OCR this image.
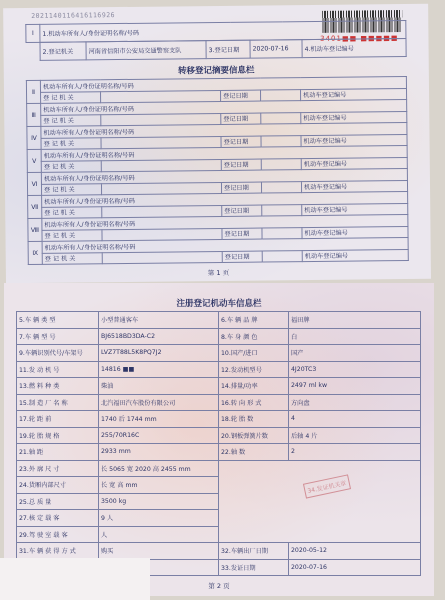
2021140116416116926
3401■■ ■■■■■
Ⅰ	1.机动车所有人/身份证明名称/号码
2.登记机关	河南省信阳市公安局交通警察支队	3.登记日期	2020-07-16	4.机动车登记编号
转移登记摘要信息栏
Ⅱ	机动车所有人/身份证明名称/号码				
	登 记 机 关		登记日期		机动车登记编号
Ⅲ	机动车所有人/身份证明名称/号码				
	登 记 机 关		登记日期		机动车登记编号
Ⅳ	机动车所有人/身份证明名称/号码				
	登 记 机 关		登记日期		机动车登记编号
Ⅴ	机动车所有人/身份证明名称/号码				
	登 记 机 关		登记日期		机动车登记编号
Ⅵ	机动车所有人/身份证明名称/号码				
	登 记 机 关		登记日期		机动车登记编号
Ⅶ	机动车所有人/身份证明名称/号码				
	登 记 机 关		登记日期		机动车登记编号
Ⅷ	机动车所有人/身份证明名称/号码				
	登 记 机 关		登记日期		机动车登记编号
Ⅸ	机动车所有人/身份证明名称/号码				
	登 记 机 关		登记日期		机动车登记编号
第 1 页
注册登记机动车信息栏
5.车 辆 类 型	小型普通客车	6.车 辆 品 牌	福田牌
7.车 辆 型 号	BJ6518BD3DA-C2	8.车 身 颜 色	白
9.车辆识别代号/车架号	LVZ7T88L5K8PQ7J2	10.国产/进口	国产
11.发 动 机 号	14816 ■■	12.发动机型号	4J20TC3
13.燃 料 种 类	柴油	14.排量/功率	2497 ml kw
15.制 造 厂 名 称	北汽福田汽车股份有限公司	16.转 向 形 式	方向盘
17.轮 距 前	1740 后 1744 mm	18.轮 胎 数	4
19.轮 胎 规 格	255/70R16C	20.钢板弹簧片数	后轴 4 片
21.轴 距	2933 mm	22.轴 数	2
23.外 廓 尺 寸	长 5065 宽 2020 高 2455 mm		
24.货厢内部尺寸	长 宽 高 mm		
25.总 质 量	3500 kg		
27.核 定 载 客	9 人		
29.驾 驶 室 载 客	人		
31.车 辆 获 得 方 式	购买	32.车辆出厂日期	2020-05-12
		33.发证日期	2020-07-16
34.发证机关章
第 2 页
